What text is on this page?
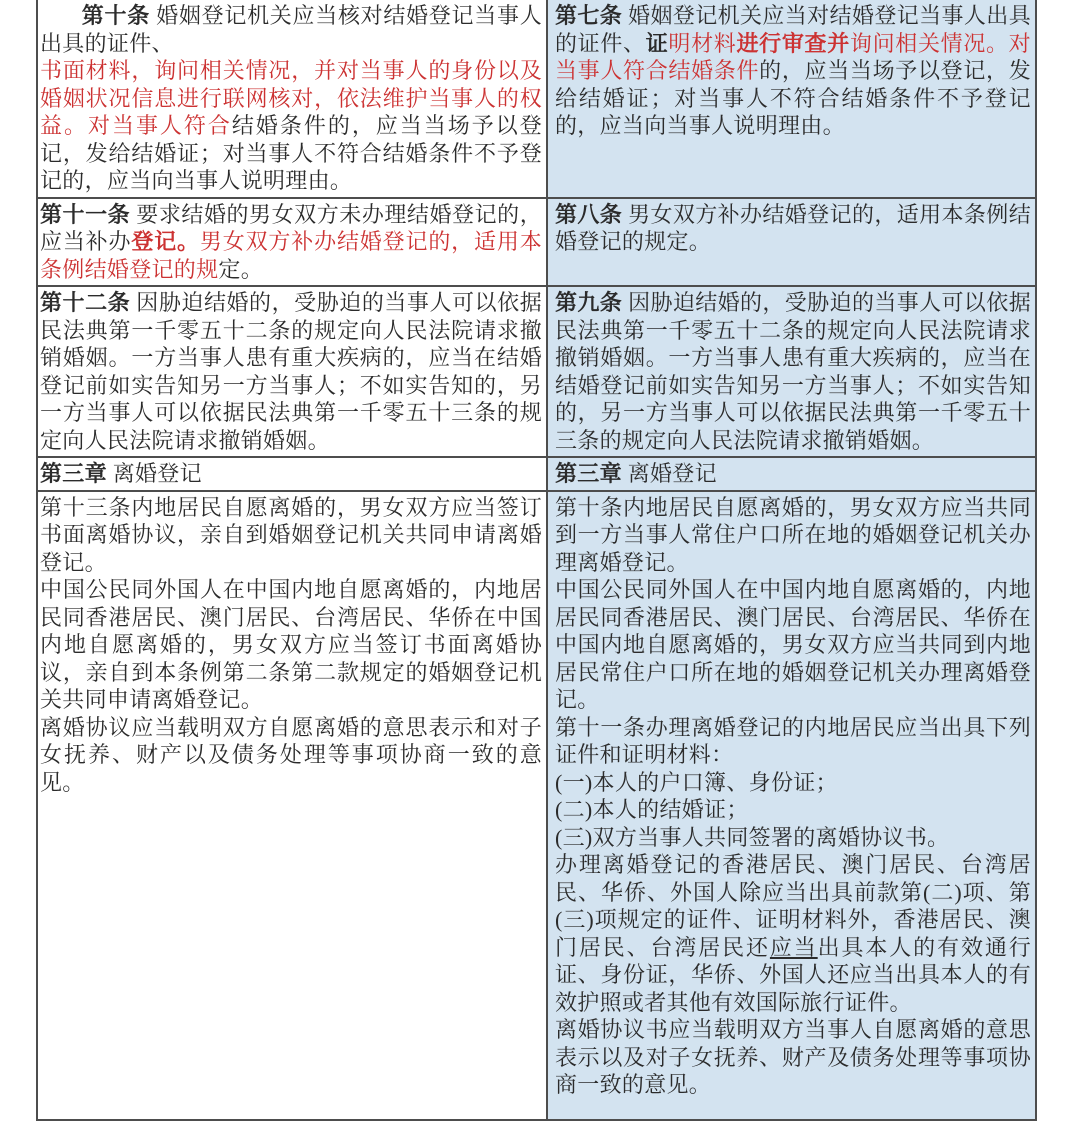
第十条 婚姻登记机关应当核对结婚登记当事人出具的证件、

书面材料，询问相关情况，并对当事人的身份以及婚姻状况信息进行联网核对，依法维护当事人的权益。对当事人符合结婚条件的，应当当场予以登记，发给结婚证；对当事人不符合结婚条件不予登记的，应当向当事人说明理由。

第七条 婚姻登记机关应当对结婚登记当事人出具的证件、证明材料进行审查并询问相关情况。对当事人符合结婚条件的，应当当场予以登记，发给结婚证；对当事人不符合结婚条件不予登记的，应当向当事人说明理由。

第十一条 要求结婚的男女双方未办理结婚登记的，应当补办登记。男女双方补办结婚登记的，适用本条例结婚登记的规定。

第八条 男女双方补办结婚登记的，适用本条例结婚登记的规定。

第十二条 因胁迫结婚的，受胁迫的当事人可以依据民法典第一千零五十二条的规定向人民法院请求撤销婚姻。一方当事人患有重大疾病的，应当在结婚登记前如实告知另一方当事人；不如实告知的，另一方当事人可以依据民法典第一千零五十三条的规定向人民法院请求撤销婚姻。

第九条 因胁迫结婚的，受胁迫的当事人可以依据民法典第一千零五十二条的规定向人民法院请求撤销婚姻。一方当事人患有重大疾病的，应当在结婚登记前如实告知另一方当事人；不如实告知的，另一方当事人可以依据民法典第一千零五十三条的规定向人民法院请求撤销婚姻。

第三章 离婚登记	第三章 离婚登记

第十三条内地居民自愿离婚的，男女双方应当签订书面离婚协议，亲自到婚姻登记机关共同申请离婚登记。

中国公民同外国人在中国内地自愿离婚的，内地居民同香港居民、澳门居民、台湾居民、华侨在中国内地自愿离婚的，男女双方应当签订书面离婚协议，亲自到本条例第二条第二款规定的婚姻登记机关共同申请离婚登记。

离婚协议应当载明双方自愿离婚的意思表示和对子女抚养、财产以及债务处理等事项协商一致的意见。

第十条内地居民自愿离婚的，男女双方应当共同到一方当事人常住户口所在地的婚姻登记机关办理离婚登记。

中国公民同外国人在中国内地自愿离婚的，内地居民同香港居民、澳门居民、台湾居民、华侨在中国内地自愿离婚的，男女双方应当共同到内地居民常住户口所在地的婚姻登记机关办理离婚登记。

第十一条办理离婚登记的内地居民应当出具下列证件和证明材料：

(一)本人的户口簿、身份证；

(二)本人的结婚证；

(三)双方当事人共同签署的离婚协议书。

办理离婚登记的香港居民、澳门居民、台湾居民、华侨、外国人除应当出具前款第(二)项、第(三)项规定的证件、证明材料外，香港居民、澳门居民、台湾居民还应当出具本人的有效通行证、身份证，华侨、外国人还应当出具本人的有效护照或者其他有效国际旅行证件。

离婚协议书应当载明双方当事人自愿离婚的意思表示以及对子女抚养、财产及债务处理等事项协商一致的意见。
